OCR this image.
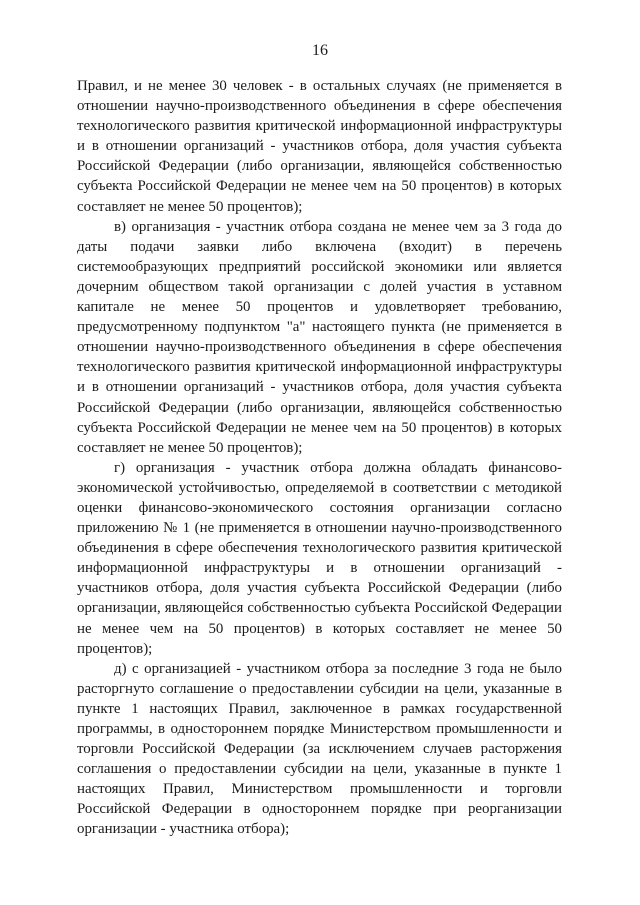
16

Правил, и не менее 30 человек - в остальных случаях (не применяется в отношении научно-производственного объединения в сфере обеспечения технологического развития критической информационной инфраструктуры и в отношении организаций - участников отбора, доля участия субъекта Российской Федерации (либо организации, являющейся собственностью субъекта Российской Федерации не менее чем на 50 процентов) в которых составляет не менее 50 процентов);

в) организация - участник отбора создана не менее чем за 3 года до даты подачи заявки либо включена (входит) в перечень системообразующих предприятий российской экономики или является дочерним обществом такой организации с долей участия в уставном капитале не менее 50 процентов и удовлетворяет требованию, предусмотренному подпунктом "а" настоящего пункта (не применяется в отношении научно-производственного объединения в сфере обеспечения технологического развития критической информационной инфраструктуры и в отношении организаций - участников отбора, доля участия субъекта Российской Федерации (либо организации, являющейся собственностью субъекта Российской Федерации не менее чем на 50 процентов) в которых составляет не менее 50 процентов);

г) организация - участник отбора должна обладать финансово-экономической устойчивостью, определяемой в соответствии с методикой оценки финансово-экономического состояния организации согласно приложению № 1 (не применяется в отношении научно-производственного объединения в сфере обеспечения технологического развития критической информационной инфраструктуры и в отношении организаций - участников отбора, доля участия субъекта Российской Федерации (либо организации, являющейся собственностью субъекта Российской Федерации не менее чем на 50 процентов) в которых составляет не менее 50 процентов);

д) с организацией - участником отбора за последние 3 года не было расторгнуто соглашение о предоставлении субсидии на цели, указанные в пункте 1 настоящих Правил, заключенное в рамках государственной программы, в одностороннем порядке Министерством промышленности и торговли Российской Федерации (за исключением случаев расторжения соглашения о предоставлении субсидии на цели, указанные в пункте 1 настоящих Правил, Министерством промышленности и торговли Российской Федерации в одностороннем порядке при реорганизации организации - участника отбора);
